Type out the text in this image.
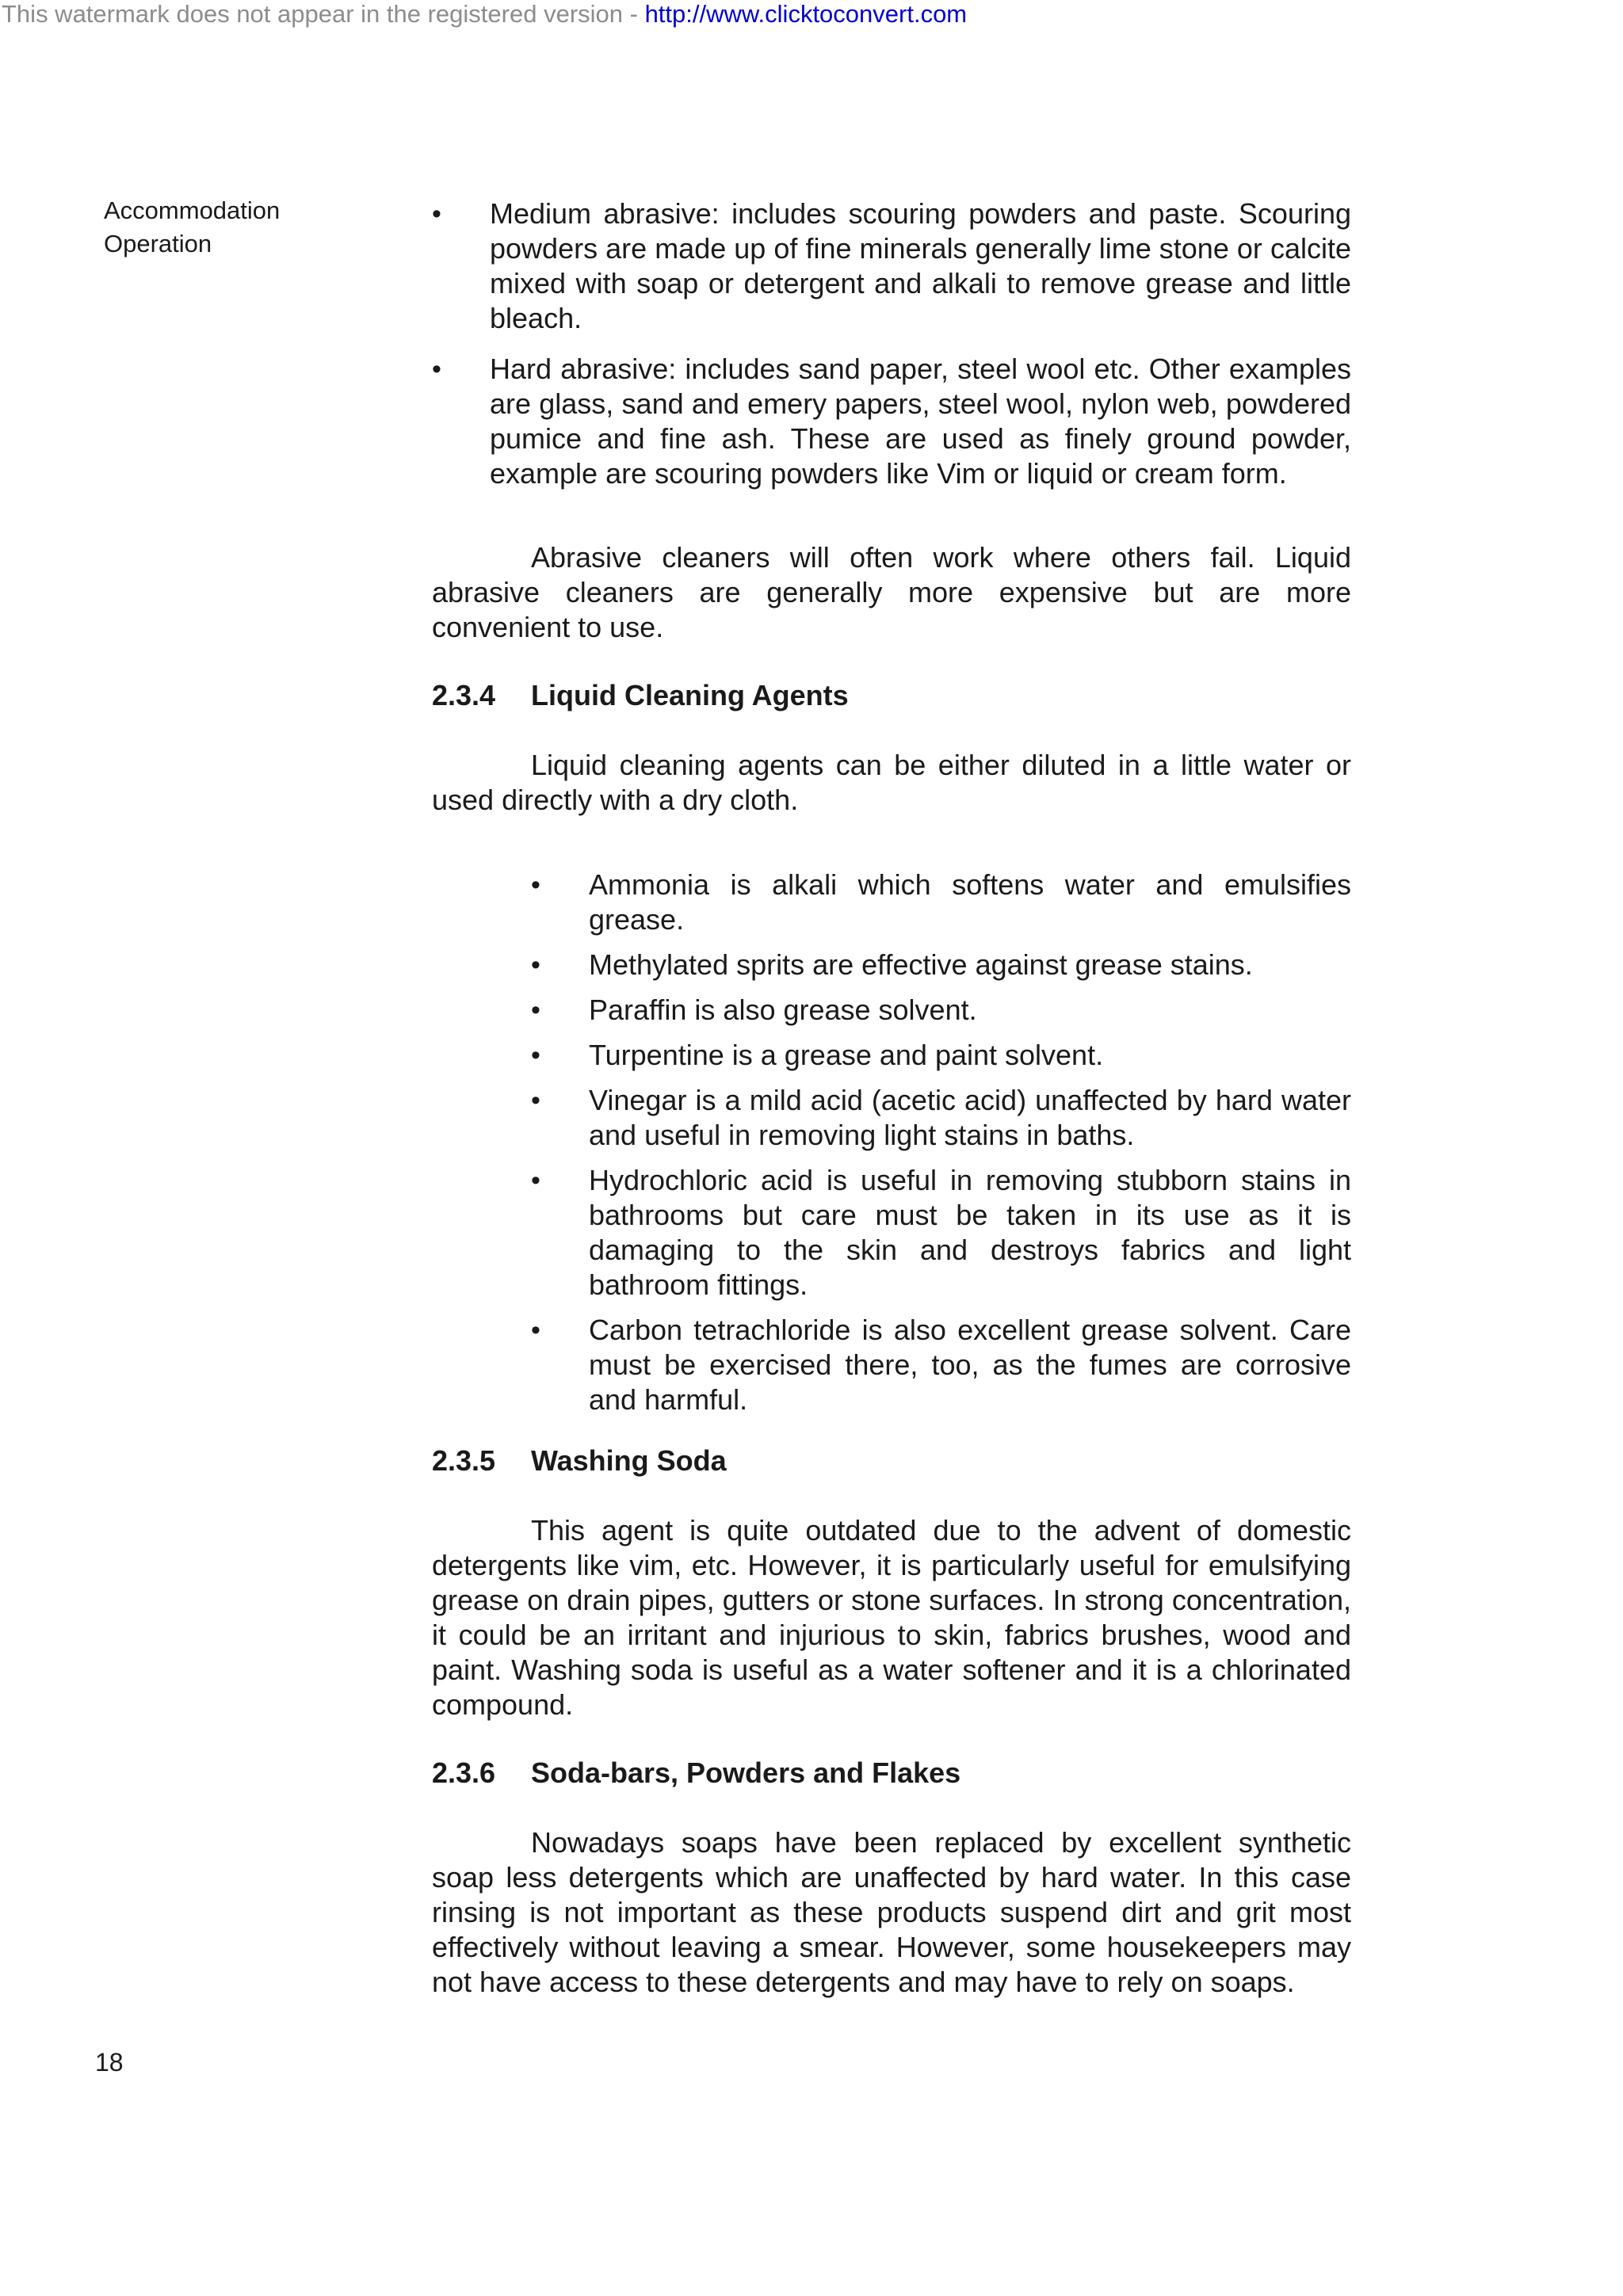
This watermark does not appear in the registered version - http://www.clicktoconvert.com
Accommodation
Operation
• Medium abrasive: includes scouring powders and paste. Scouring powders are made up of fine minerals generally lime stone or calcite mixed with soap or detergent and alkali to remove grease and little bleach.
• Hard abrasive: includes sand paper, steel wool etc. Other examples are glass, sand and emery papers, steel wool, nylon web, powdered pumice and fine ash. These are used as finely ground powder, example are scouring powders like Vim or liquid or cream form.

Abrasive cleaners will often work where others fail. Liquid abrasive cleaners are generally more expensive but are more convenient to use.

2.3.4 Liquid Cleaning Agents

Liquid cleaning agents can be either diluted in a little water or used directly with a dry cloth.

• Ammonia is alkali which softens water and emulsifies grease.
• Methylated sprits are effective against grease stains.
• Paraffin is also grease solvent.
• Turpentine is a grease and paint solvent.
• Vinegar is a mild acid (acetic acid) unaffected by hard water and useful in removing light stains in baths.
• Hydrochloric acid is useful in removing stubborn stains in bathrooms but care must be taken in its use as it is damaging to the skin and destroys fabrics and light bathroom fittings.
• Carbon tetrachloride is also excellent grease solvent. Care must be exercised there, too, as the fumes are corrosive and harmful.
2.3.5 Washing Soda

This agent is quite outdated due to the advent of domestic detergents like vim, etc. However, it is particularly useful for emulsifying grease on drain pipes, gutters or stone surfaces. In strong concentration, it could be an irritant and injurious to skin, fabrics brushes, wood and paint. Washing soda is useful as a water softener and it is a chlorinated compound.

2.3.6 Soda-bars, Powders and Flakes

Nowadays soaps have been replaced by excellent synthetic soap less detergents which are unaffected by hard water. In this case rinsing is not important as these products suspend dirt and grit most effectively without leaving a smear. However, some housekeepers may not have access to these detergents and may have to rely on soaps.

18
